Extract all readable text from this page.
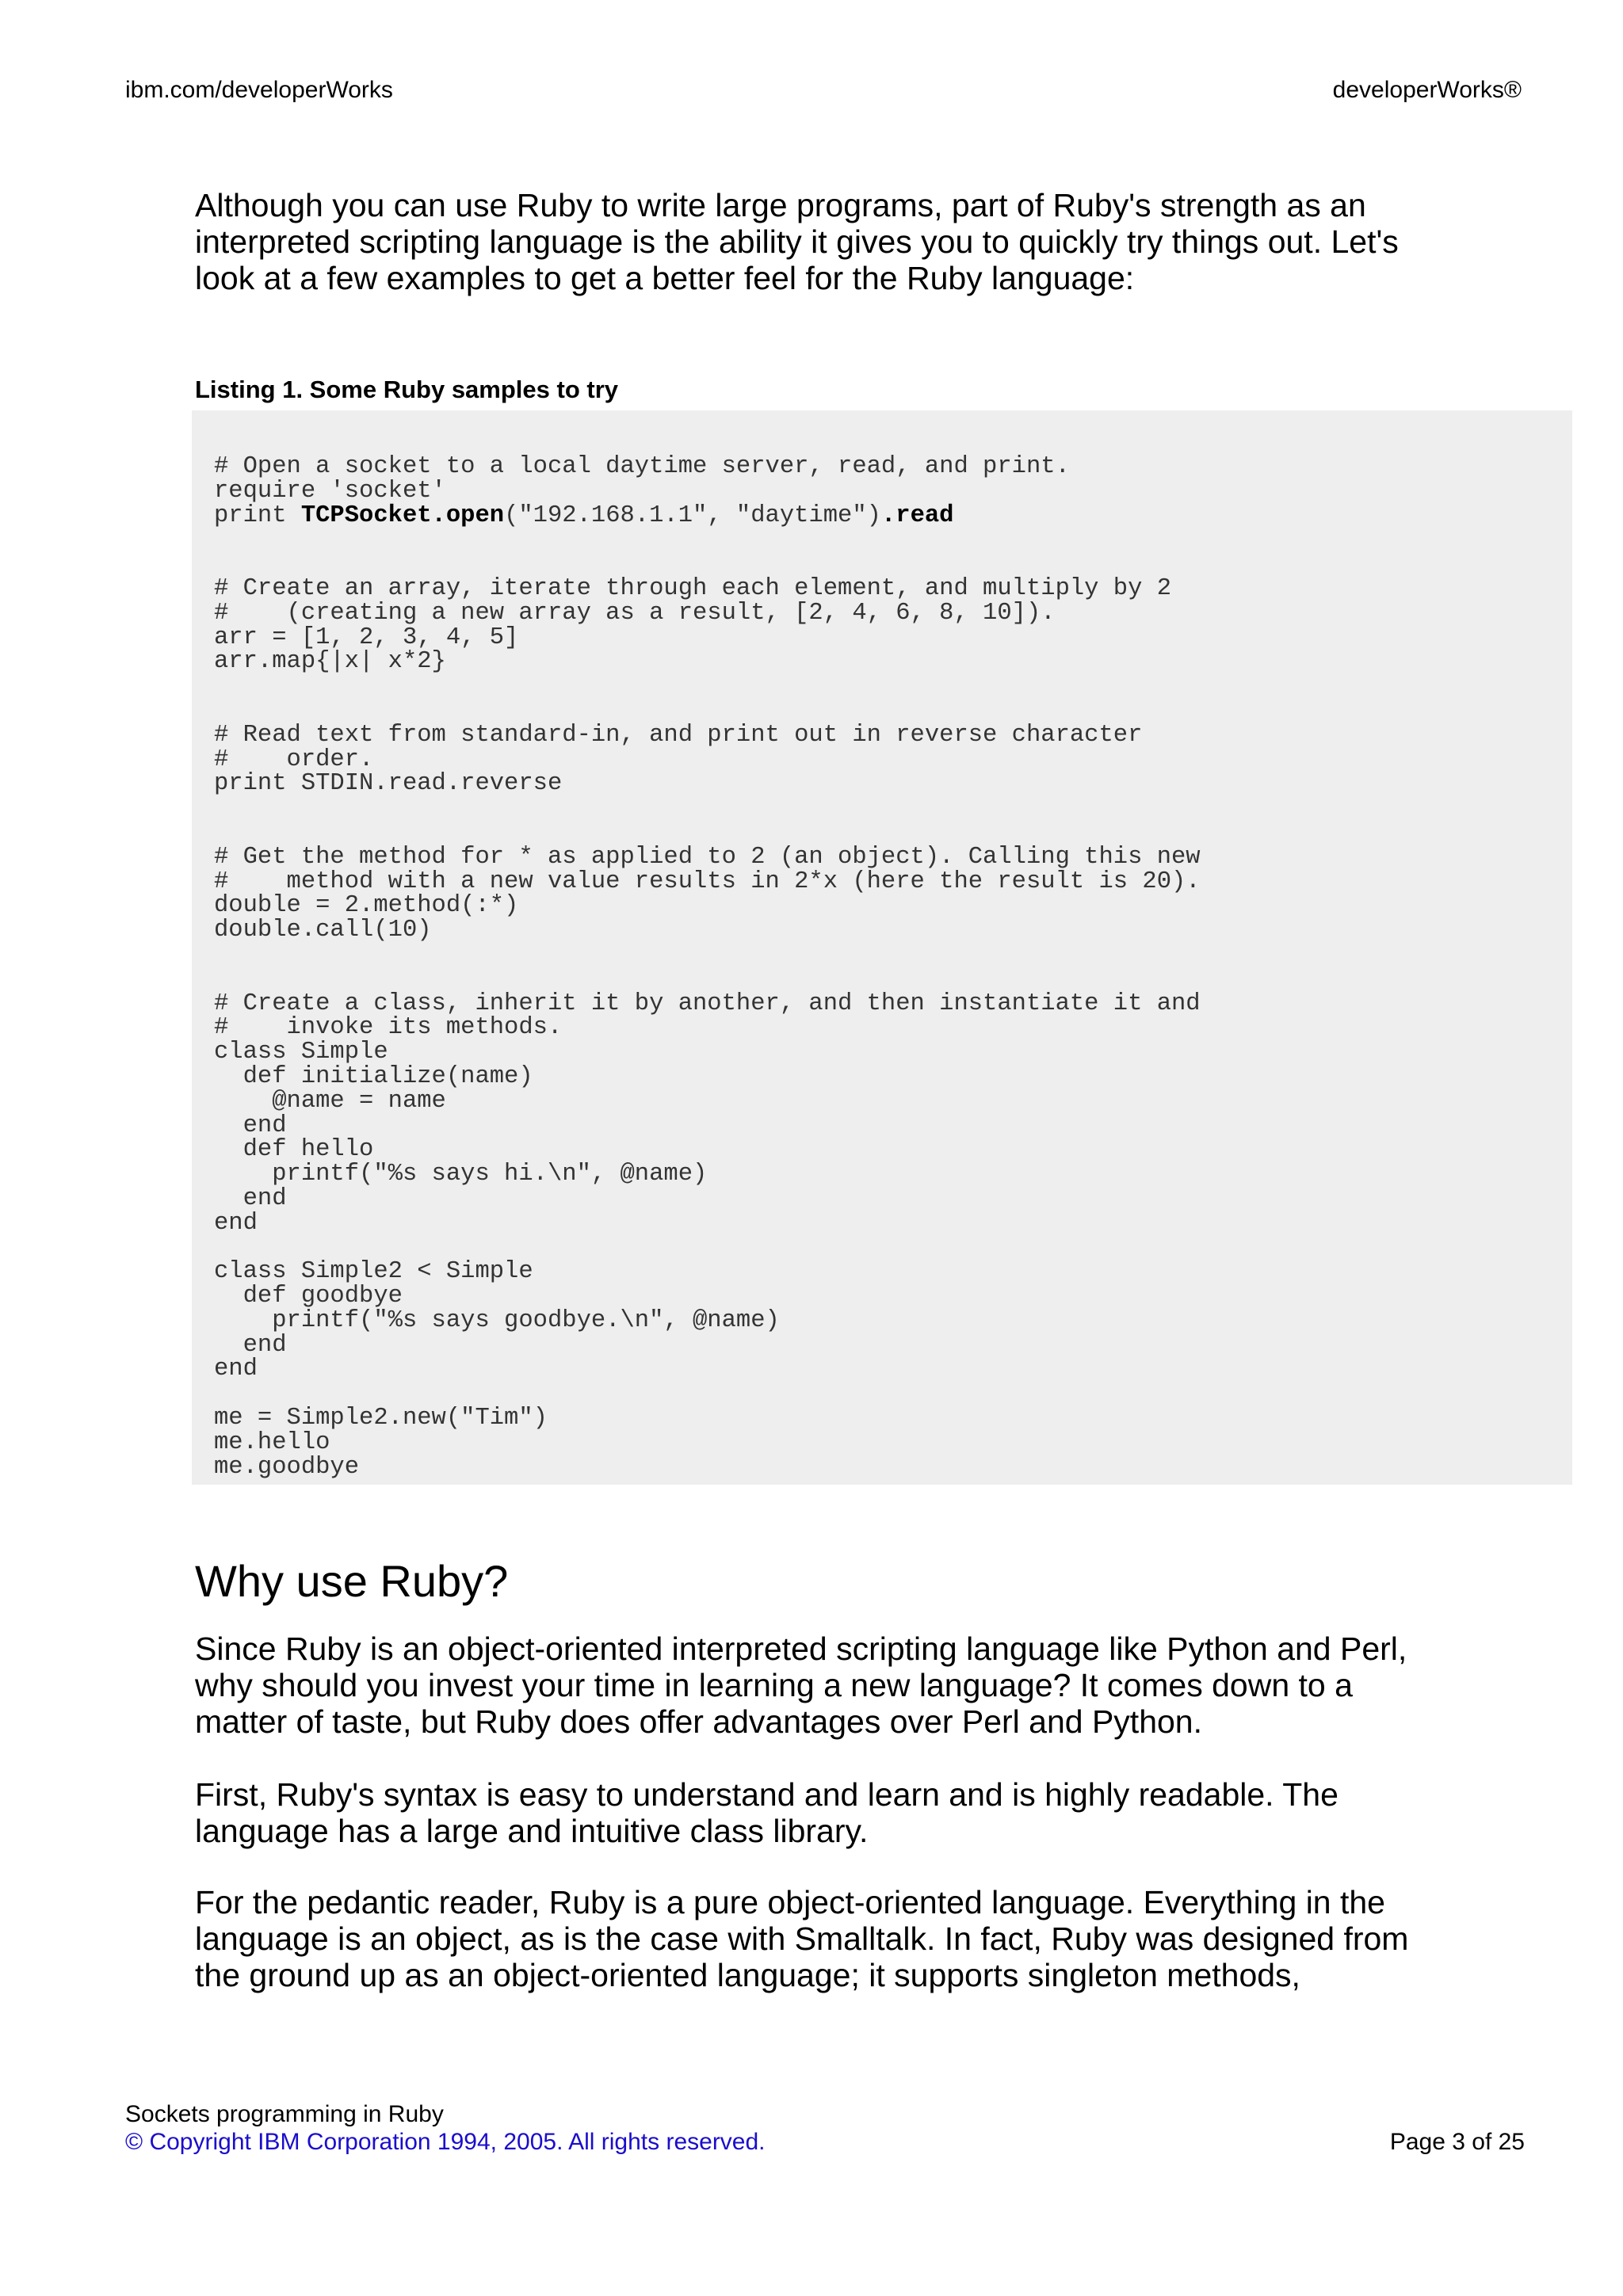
ibm.com/developerWorks	developerWorks®

Although you can use Ruby to write large programs, part of Ruby's strength as an
interpreted scripting language is the ability it gives you to quickly try things out. Let's
look at a few examples to get a better feel for the Ruby language:

Listing 1. Some Ruby samples to try
# Open a socket to a local daytime server, read, and print.
require 'socket'
print TCPSocket.open("192.168.1.1", "daytime").read
# Create an array, iterate through each element, and multiply by 2
#    (creating a new array as a result, [2, 4, 6, 8, 10]).
arr = [1, 2, 3, 4, 5]
arr.map{|x| x*2}
# Read text from standard-in, and print out in reverse character
#    order.
print STDIN.read.reverse
# Get the method for * as applied to 2 (an object). Calling this new
#    method with a new value results in 2*x (here the result is 20).
double = 2.method(:*)
double.call(10)
# Create a class, inherit it by another, and then instantiate it and
#    invoke its methods.
class Simple
def initialize(name)
@name = name
end
def hello
printf("%s says hi.\n", @name)
end
end
class Simple2 < Simple
def goodbye
printf("%s says goodbye.\n", @name)
end
end
me = Simple2.new("Tim")
me.hello
me.goodbye
Why use Ruby?

Since Ruby is an object-oriented interpreted scripting language like Python and Perl,
why should you invest your time in learning a new language? It comes down to a
matter of taste, but Ruby does offer advantages over Perl and Python.

First, Ruby's syntax is easy to understand and learn and is highly readable. The
language has a large and intuitive class library.

For the pedantic reader, Ruby is a pure object-oriented language. Everything in the
language is an object, as is the case with Smalltalk. In fact, Ruby was designed from
the ground up as an object-oriented language; it supports singleton methods,

Sockets programming in Ruby
© Copyright IBM Corporation 1994, 2005. All rights reserved.	Page 3 of 25
